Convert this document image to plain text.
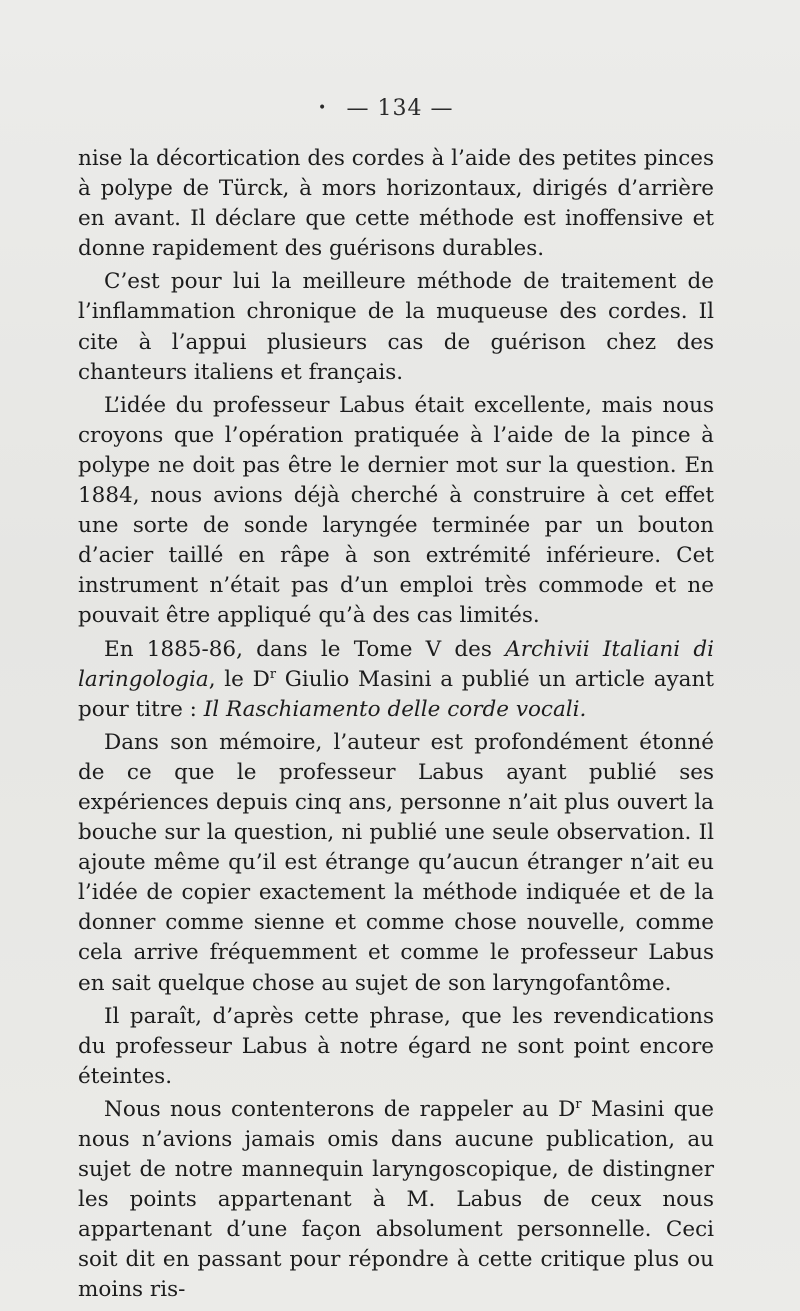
• — 134 —

nise la décortication des cordes à l’aide des petites pinces à polype de Türck, à mors horizontaux, dirigés d’arrière en avant. Il déclare que cette méthode est inoffensive et donne rapidement des guérisons durables.

C’est pour lui la meilleure méthode de traitement de l’inflammation chronique de la muqueuse des cordes. Il cite à l’appui plusieurs cas de guérison chez des chanteurs italiens et français.

L’idée du professeur Labus était excellente, mais nous croyons que l’opération pratiquée à l’aide de la pince à polype ne doit pas être le dernier mot sur la question. En 1884, nous avions déjà cherché à construire à cet effet une sorte de sonde laryngée terminée par un bouton d’acier taillé en râpe à son extrémité inférieure. Cet instrument n’était pas d’un emploi très commode et ne pouvait être appliqué qu’à des cas limités.

En 1885-86, dans le Tome V des Archivii Italiani di laringologia, le $D^r$ Giulio Masini a publié un article ayant pour titre : Il Raschiamento delle corde vocali.

Dans son mémoire, l’auteur est profondément étonné de ce que le professeur Labus ayant publié ses expériences depuis cinq ans, personne n’ait plus ouvert la bouche sur la question, ni publié une seule observation. Il ajoute même qu’il est étrange qu’aucun étranger n’ait eu l’idée de copier exactement la méthode indiquée et de la donner comme sienne et comme chose nouvelle, comme cela arrive fréquemment et comme le professeur Labus en sait quelque chose au sujet de son laryngofantôme.

Il paraît, d’après cette phrase, que les revendications du professeur Labus à notre égard ne sont point encore éteintes.

Nous nous contenterons de rappeler au $D^r$ Masini que nous n’avions jamais omis dans aucune publication, au sujet de notre mannequin laryngoscopique, de distingner les points appartenant à M. Labus de ceux nous appartenant d’une façon absolument personnelle. Ceci soit dit en passant pour répondre à cette critique plus ou moins ris-
